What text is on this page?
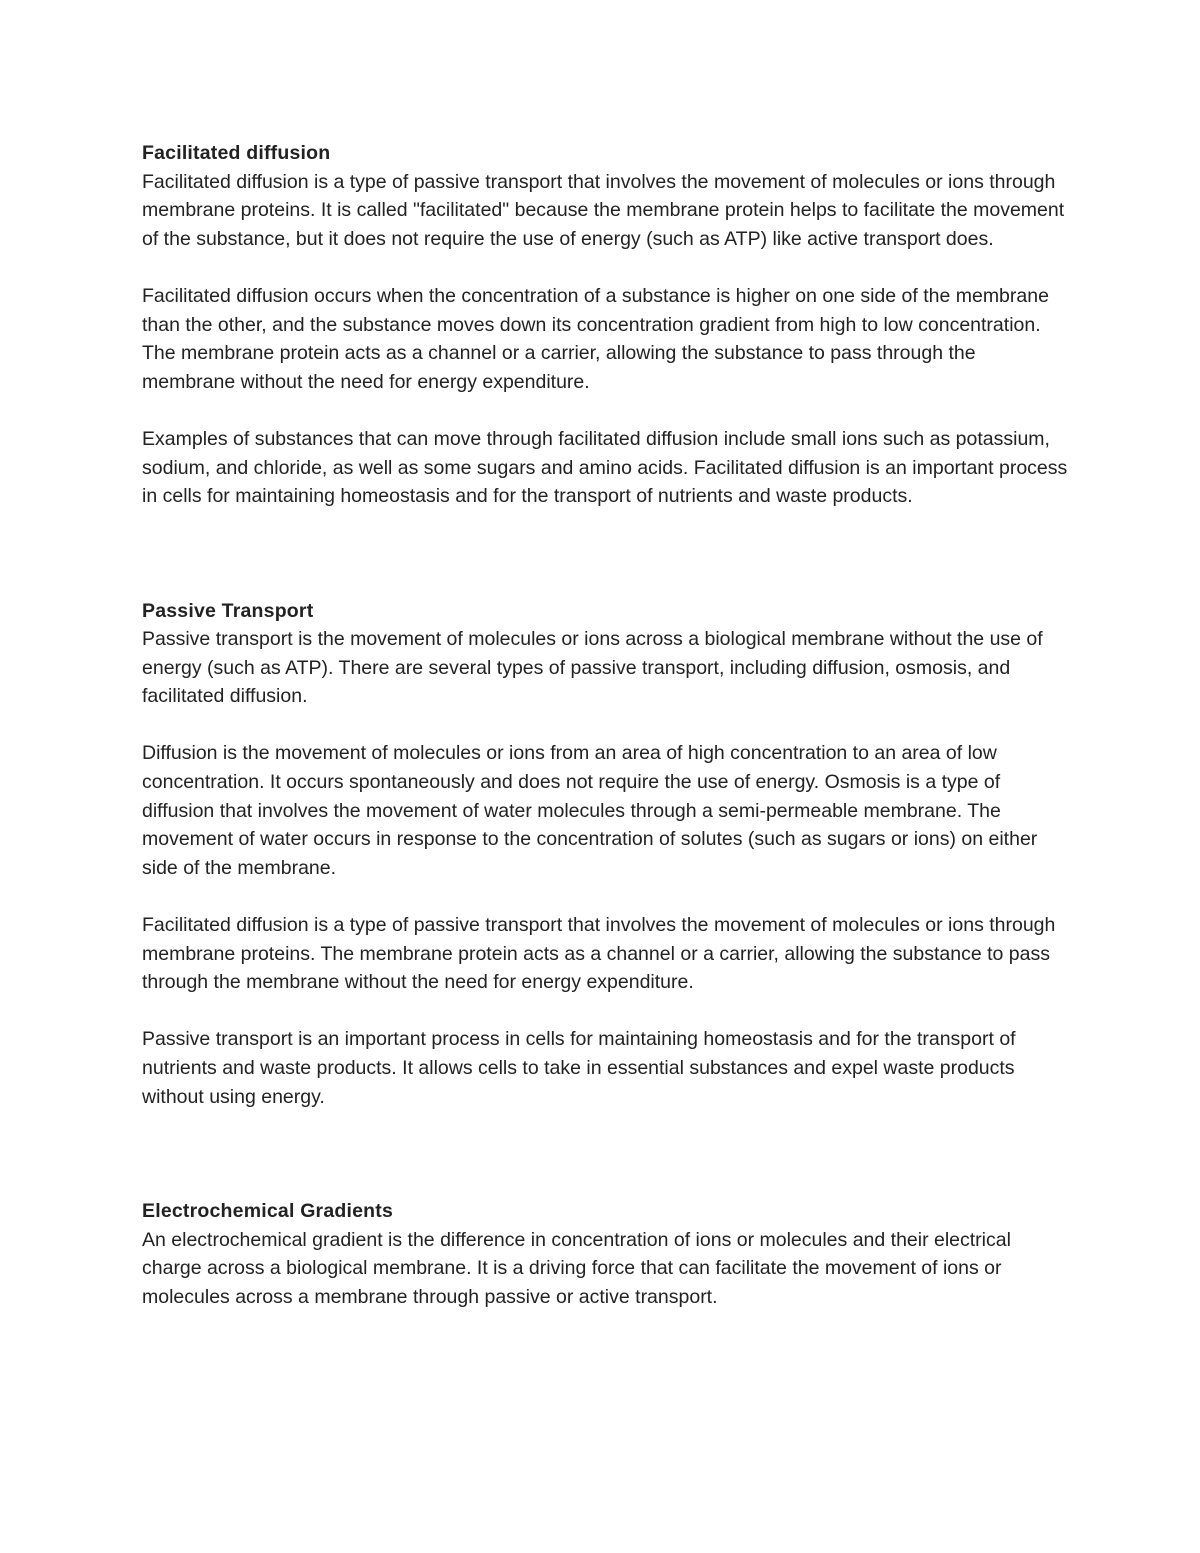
Facilitated diffusion

Facilitated diffusion is a type of passive transport that involves the movement of molecules or ions through membrane proteins. It is called "facilitated" because the membrane protein helps to facilitate the movement of the substance, but it does not require the use of energy (such as ATP) like active transport does.

Facilitated diffusion occurs when the concentration of a substance is higher on one side of the membrane than the other, and the substance moves down its concentration gradient from high to low concentration. The membrane protein acts as a channel or a carrier, allowing the substance to pass through the membrane without the need for energy expenditure.

Examples of substances that can move through facilitated diffusion include small ions such as potassium, sodium, and chloride, as well as some sugars and amino acids. Facilitated diffusion is an important process in cells for maintaining homeostasis and for the transport of nutrients and waste products.

Passive Transport

Passive transport is the movement of molecules or ions across a biological membrane without the use of energy (such as ATP). There are several types of passive transport, including diffusion, osmosis, and facilitated diffusion.

Diffusion is the movement of molecules or ions from an area of high concentration to an area of low concentration. It occurs spontaneously and does not require the use of energy. Osmosis is a type of diffusion that involves the movement of water molecules through a semi-permeable membrane. The movement of water occurs in response to the concentration of solutes (such as sugars or ions) on either side of the membrane.

Facilitated diffusion is a type of passive transport that involves the movement of molecules or ions through membrane proteins. The membrane protein acts as a channel or a carrier, allowing the substance to pass through the membrane without the need for energy expenditure.

Passive transport is an important process in cells for maintaining homeostasis and for the transport of nutrients and waste products. It allows cells to take in essential substances and expel waste products without using energy.

Electrochemical Gradients

An electrochemical gradient is the difference in concentration of ions or molecules and their electrical charge across a biological membrane. It is a driving force that can facilitate the movement of ions or molecules across a membrane through passive or active transport.
